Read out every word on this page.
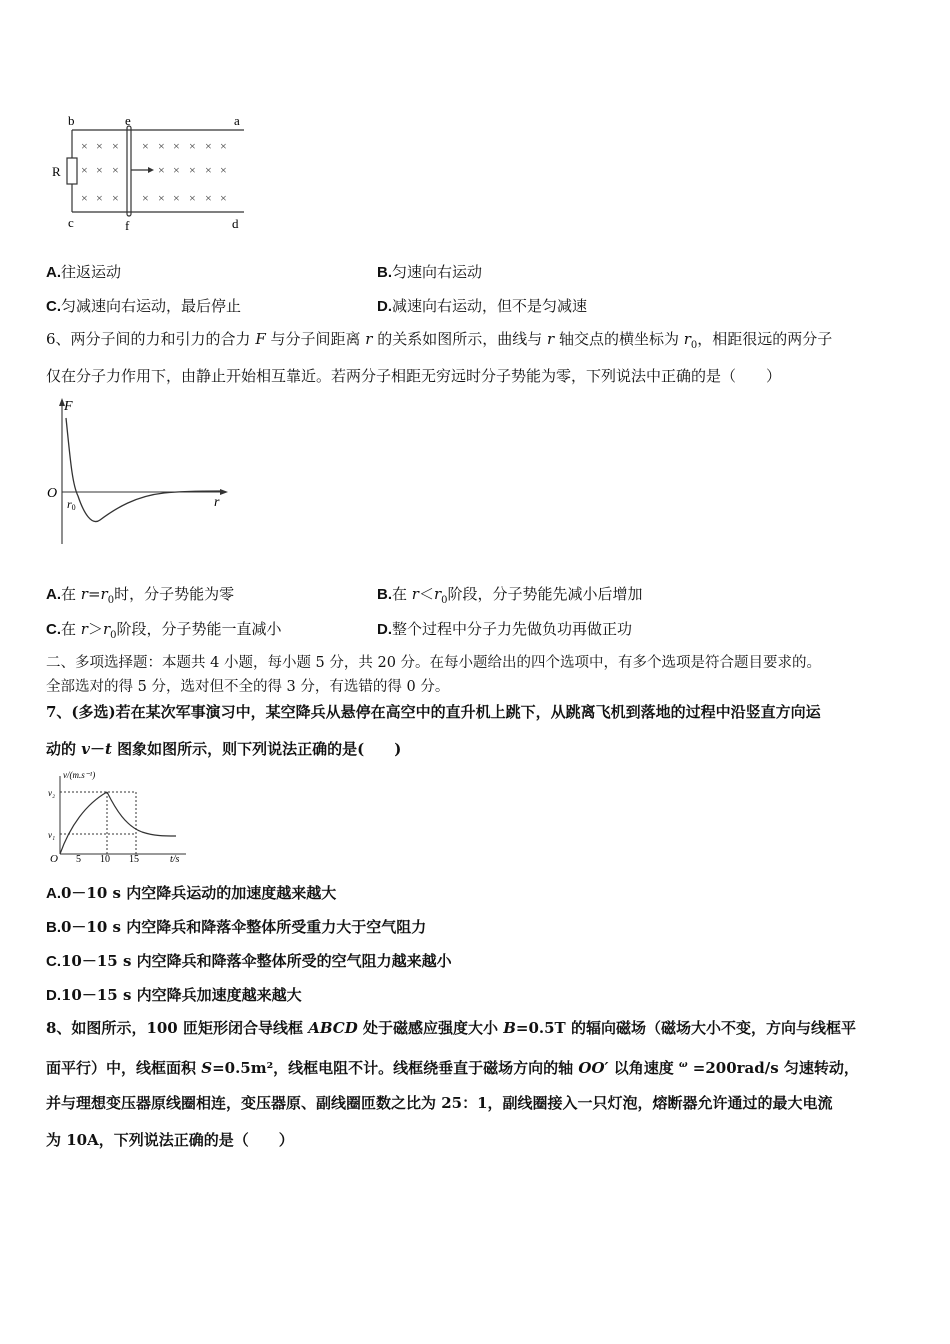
× × × × × × × × ×
× × ×	× × × × ×
× × × × × × × × ×
b	e	a
R
c	f	d
A.往返运动	B.匀速向右运动
C.匀减速向右运动，最后停止	D.减速向右运动，但不是匀减速
6、两分子间的力和引力的合力 F 与分子间距离 r 的关系如图所示，曲线与 r 轴交点的横坐标为 $r_0$，相距很远的两分子
仅在分子力作用下，由静止开始相互靠近。若两分子相距无穷远时分子势能为零，下列说法中正确的是（　　）
F
O
r
r0
A.在 $r=r_0$时，分子势能为零	B.在 $r<r_0$阶段，分子势能先减小后增加
C.在 $r>r_0$阶段，分子势能一直减小	D.整个过程中分子力先做负功再做正功
二、多项选择题：本题共 4 小题，每小题 5 分，共 20 分。在每小题给出的四个选项中，有多个选项是符合题目要求的。
全部选对的得 5 分，选对但不全的得 3 分，有选错的得 0 分。
7、(多选)若在某次军事演习中，某空降兵从悬停在高空中的直升机上跳下，从跳离飞机到落地的过程中沿竖直方向运
动的 v－t 图象如图所示，则下列说法正确的是(　　)
v/(m.s⁻¹)
v₂
v₁
O 5 10 15	t/s
A.0－10 s 内空降兵运动的加速度越来越大
B.0－10 s 内空降兵和降落伞整体所受重力大于空气阻力
C.10－15 s 内空降兵和降落伞整体所受的空气阻力越来越小
D.10－15 s 内空降兵加速度越来越大
8、如图所示，100 匝矩形闭合导线框 ABCD 处于磁感应强度大小 B=0.5T 的辐向磁场（磁场大小不变，方向与线框平
面平行）中，线框面积 S=0.5m²，线框电阻不计。线框绕垂直于磁场方向的轴 OO′ 以角速度 $^\omega$ =200rad/s 匀速转动，
并与理想变压器原线圈相连，变压器原、副线圈匝数之比为 25：1，副线圈接入一只灯泡，熔断器允许通过的最大电流
为 10A，下列说法正确的是（　　）
